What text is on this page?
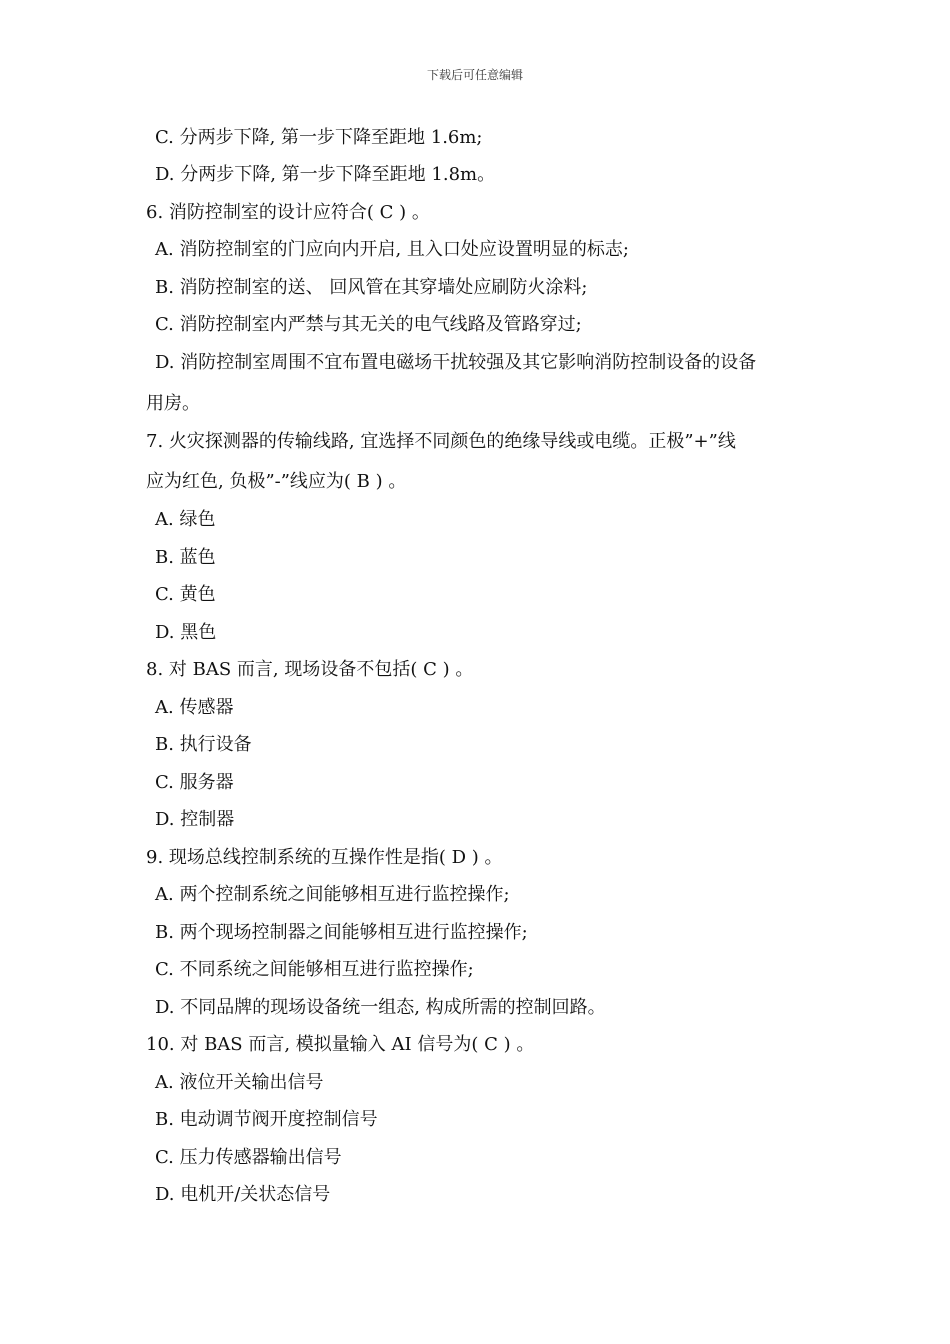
下载后可任意编辑
C. 分两步下降, 第一步下降至距地 1.6m;
D. 分两步下降, 第一步下降至距地 1.8m。
6. 消防控制室的设计应符合( C ) 。
A. 消防控制室的门应向内开启, 且入口处应设置明显的标志;
B. 消防控制室的送、 回风管在其穿墙处应刷防火涂料;
C. 消防控制室内严禁与其无关的电气线路及管路穿过;
D. 消防控制室周围不宜布置电磁场干扰较强及其它影响消防控制设备的设备
用房。
7. 火灾探测器的传输线路, 宜选择不同颜色的绝缘导线或电缆。正极”+”线
应为红色, 负极”-”线应为( B ) 。
A. 绿色
B. 蓝色
C. 黄色
D. 黑色
8. 对 BAS 而言, 现场设备不包括( C ) 。
A. 传感器
B. 执行设备
C. 服务器
D. 控制器
9. 现场总线控制系统的互操作性是指( D ) 。
A. 两个控制系统之间能够相互进行监控操作;
B. 两个现场控制器之间能够相互进行监控操作;
C. 不同系统之间能够相互进行监控操作;
D. 不同品牌的现场设备统一组态, 构成所需的控制回路。
10. 对 BAS 而言, 模拟量输入 AI 信号为( C ) 。
A. 液位开关输出信号
B. 电动调节阀开度控制信号
C. 压力传感器输出信号
D. 电机开/关状态信号
